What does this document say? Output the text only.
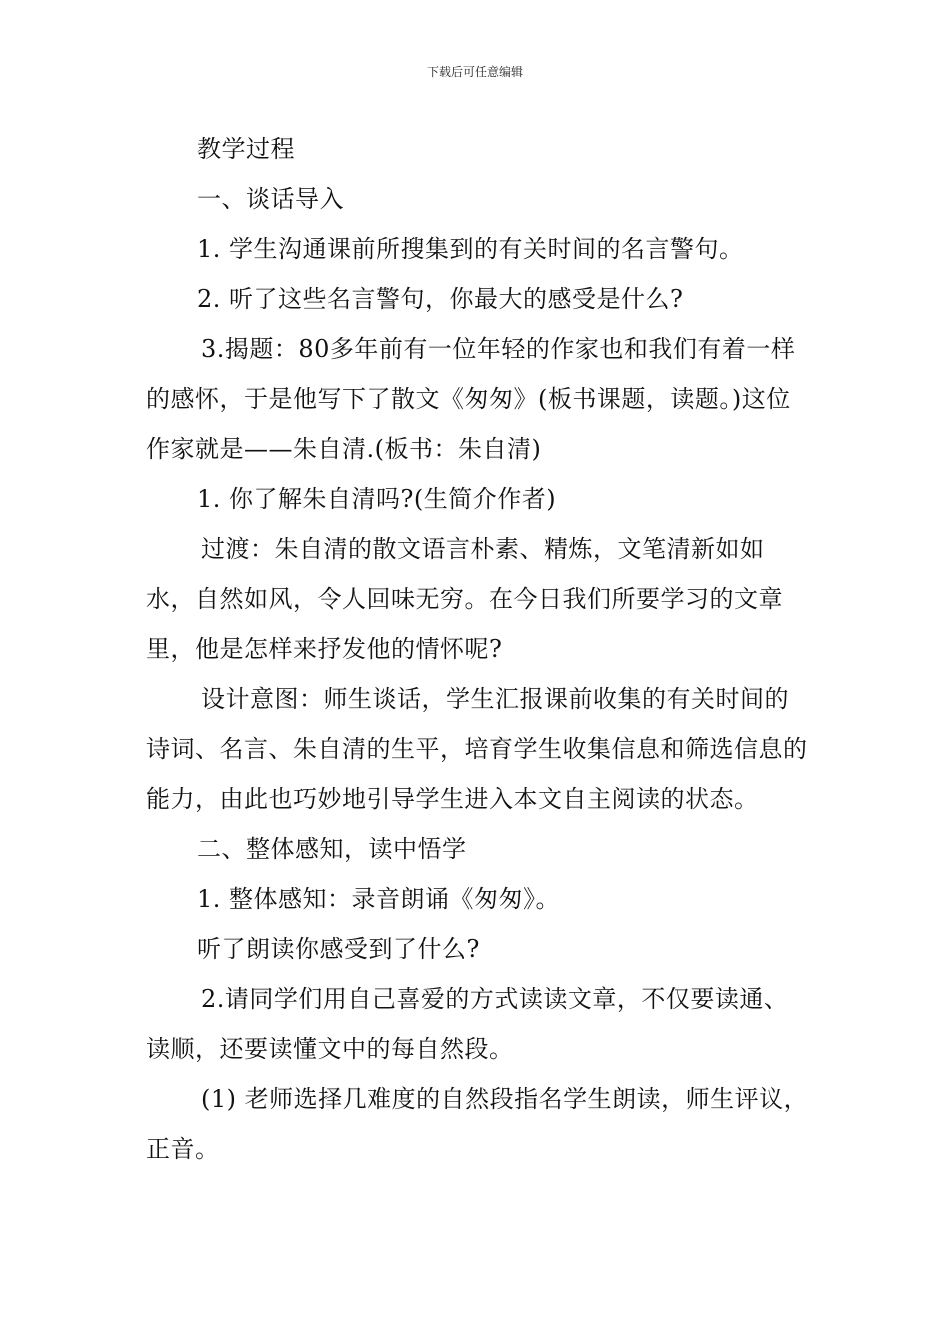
下载后可任意编辑

教学过程

一、谈话导入

1. 学生沟通课前所搜集到的有关时间的名言警句。

2. 听了这些名言警句，你最大的感受是什么?

3.揭题：80多年前有一位年轻的作家也和我们有着一样的感怀，于是他写下了散文《匆匆》(板书课题，读题。)这位作家就是——朱自清.(板书：朱自清)

1. 你了解朱自清吗?(生简介作者)

过渡：朱自清的散文语言朴素、精炼，文笔清新如如水，自然如风，令人回味无穷。在今日我们所要学习的文章里，他是怎样来抒发他的情怀呢?

设计意图：师生谈话，学生汇报课前收集的有关时间的诗词、名言、朱自清的生平，培育学生收集信息和筛选信息的能力，由此也巧妙地引导学生进入本文自主阅读的状态。

二、整体感知，读中悟学

1. 整体感知：录音朗诵《匆匆》。

听了朗读你感受到了什么?

2.请同学们用自己喜爱的方式读读文章，不仅要读通、读顺，还要读懂文中的每自然段。

(1) 老师选择几难度的自然段指名学生朗读，师生评议，正音。
